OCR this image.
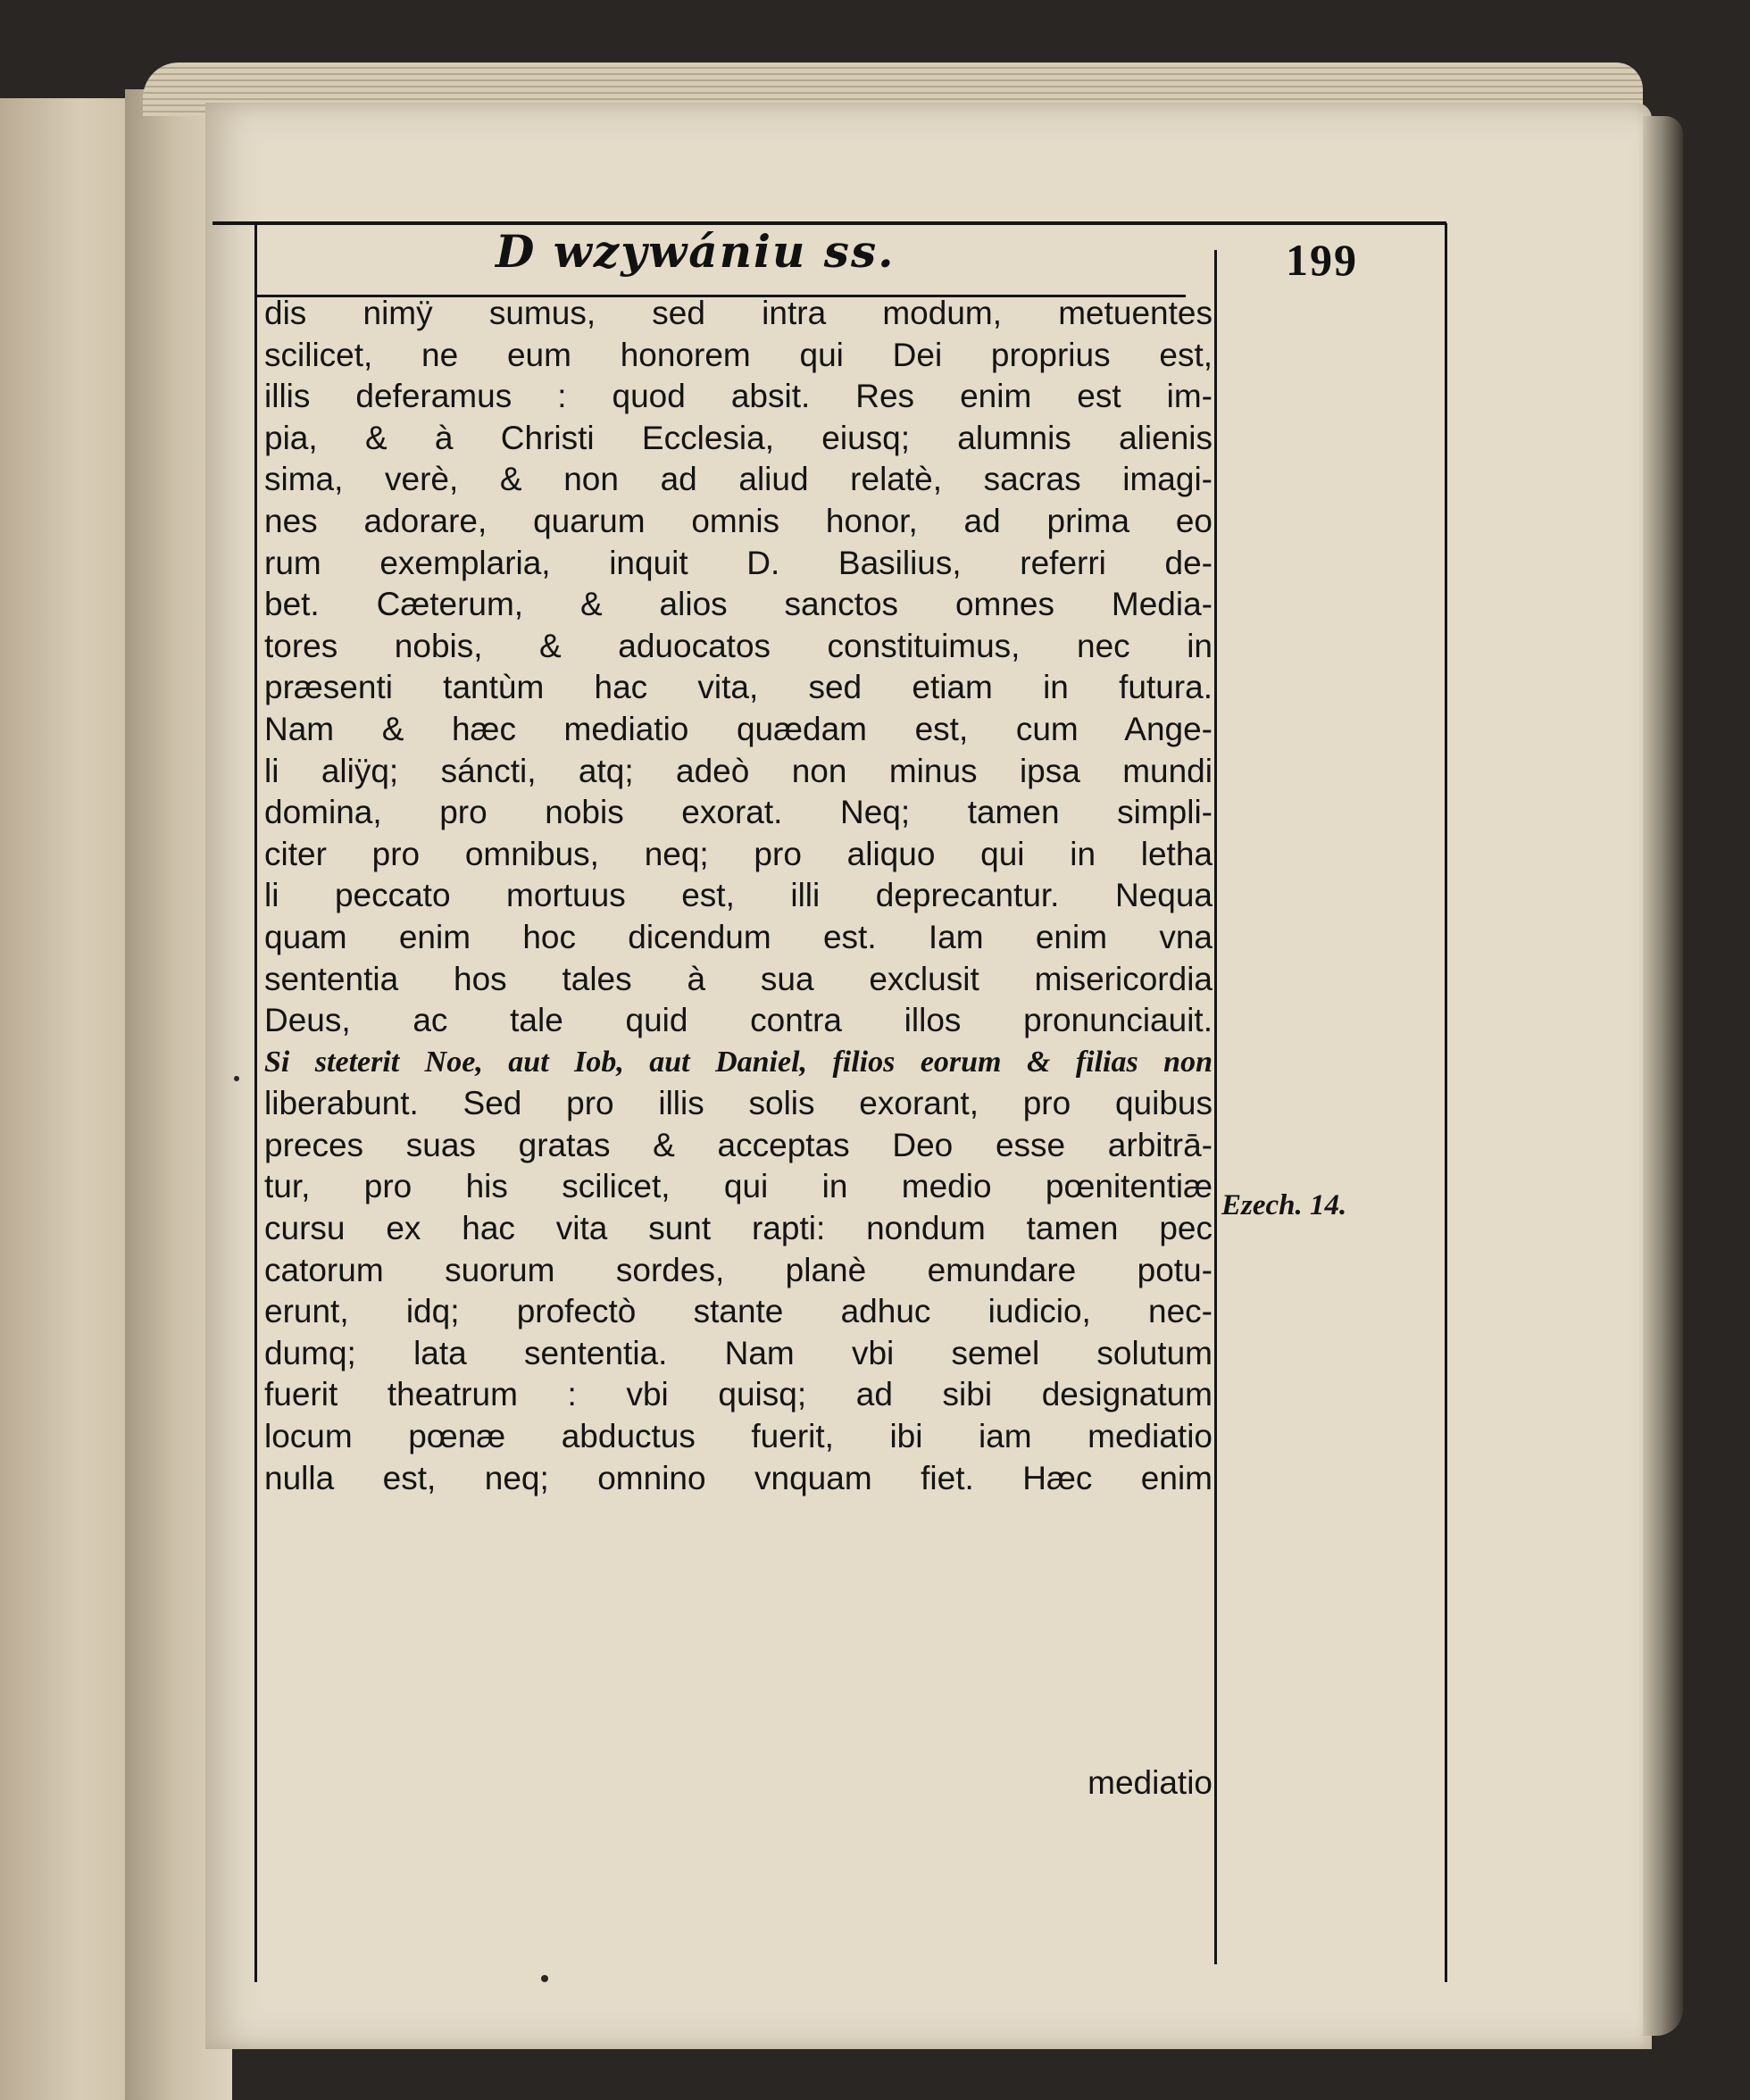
D wzywániu ss.	199
dis nimÿ sumus, sed intra modum, metuentes
scilicet, ne eum honorem qui Dei proprius est,
illis deferamus : quod absit. Res enim est im-
pia, & à Christi Ecclesia, eiusq; alumnis alienis
sima, verè, & non ad aliud relatè, sacras imagi-
nes adorare, quarum omnis honor, ad prima eo
rum exemplaria, inquit D. Basilius, referri de-
bet. Cæterum, & alios sanctos omnes Media-
tores nobis, & aduocatos constituimus, nec in
præsenti tantùm hac vita, sed etiam in futura.
Nam & hæc mediatio quædam est, cum Ange-
li aliÿq; sáncti, atq; adeò non minus ipsa mundi
domina, pro nobis exorat. Neq; tamen simpli-
citer pro omnibus, neq; pro aliquo qui in letha
li peccato mortuus est, illi deprecantur. Nequa
quam enim hoc dicendum est. Iam enim vna
sententia hos tales à sua exclusit misericordia
Deus, ac tale quid contra illos pronunciauit.
Si steterit Noe, aut Iob, aut Daniel, filios eorum & filias non
liberabunt. Sed pro illis solis exorant, pro quibus
preces suas gratas & acceptas Deo esse arbitrā-
tur, pro his scilicet, qui in medio pœnitentiæ
cursu ex hac vita sunt rapti: nondum tamen pec
catorum suorum sordes, planè emundare potu-
erunt, idq; profectò stante adhuc iudicio, nec-
dumq; lata sententia. Nam vbi semel solutum
fuerit theatrum : vbi quisq; ad sibi designatum
locum pœnæ abductus fuerit, ibi iam mediatio
nulla est, neq; omnino vnquam fiet. Hæc enim
Ezech. 14.
mediatio
